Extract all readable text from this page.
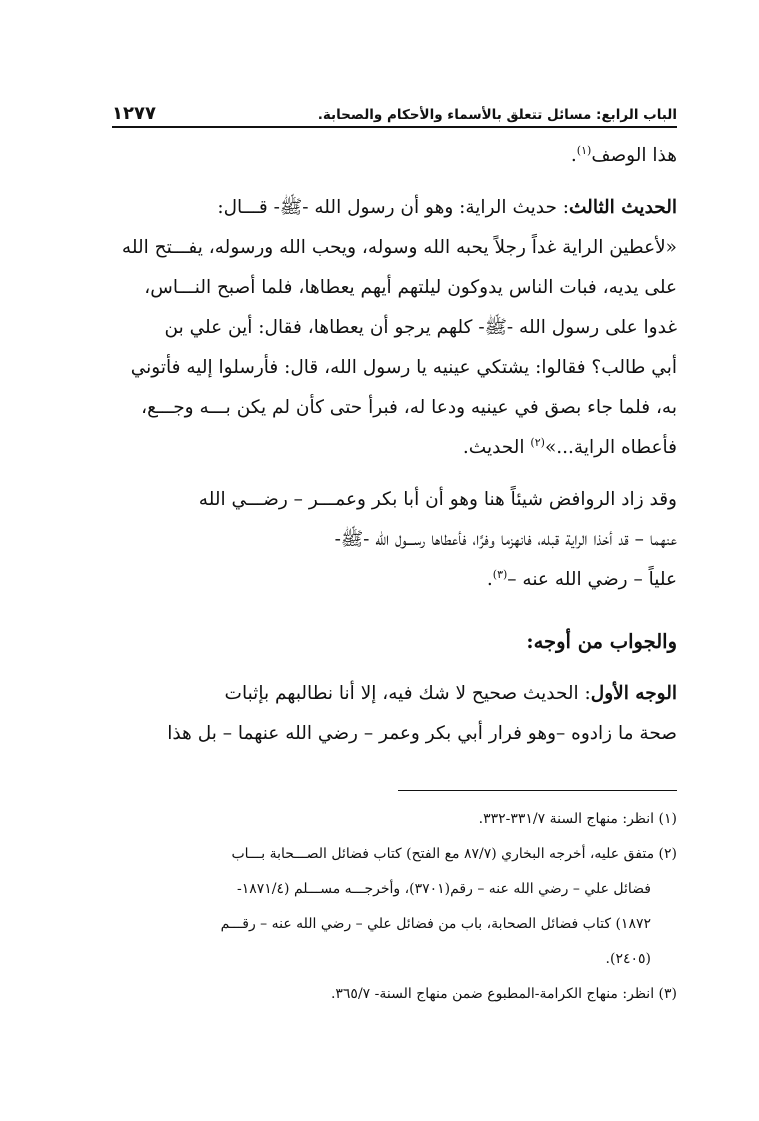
الباب الرابع: مسائل تتعلق بالأسماء والأحكام والصحابة.
١٢٧٧

هذا الوصف$^{(١)}$.

الحديث الثالث: حديث الراية: وهو أن رسول الله -ﷺ- قـــال:

«لأعطين الراية غداً رجلاً يحبه الله وسوله، ويحب الله ورسوله، يفـــتح الله

على يديه، فبات الناس يدوكون ليلتهم أيهم يعطاها، فلما أصبح النـــاس،

غدوا على رسول الله -ﷺ- كلهم يرجو أن يعطاها، فقال: أين علي بن

أبي طالب؟ فقالوا: يشتكي عينيه يا رسول الله، قال: فأرسلوا إليه فأتوني

به، فلما جاء بصق في عينيه ودعا له، فبرأ حتى كأن لم يكن بـــه وجـــع،

فأعطاه الراية...»$^{(٢)}$ الحديث.

وقد زاد الروافض شيئاً هنا وهو أن أبا بكر وعمـــر – رضـــي الله

عنهما – قد أخذا الراية قبله، فانهزما وفرَّا، فأعطاها رســـول الله -ﷺ-

علياً – رضي الله عنه –$^{(٣)}$.

والجواب من أوجه:

الوجه الأول: الحديث صحيح لا شك فيه، إلا أنا نطالبهم بإثبات

صحة ما زادوه –وهو فرار أبي بكر وعمر – رضي الله عنهما – بل هذا

(١) انظر: منهاج السنة ٣٣١/٧-٣٣٢.

(٢) متفق عليه، أخرجه البخاري (٨٧/٧ مع الفتح) كتاب فضائل الصـــحابة بـــاب

فضائل علي – رضي الله عنه – رقم(٣٧٠١)، وأخرجـــه مســـلم (١٨٧١/٤-

١٨٧٢) كتاب فضائل الصحابة، باب من فضائل علي – رضي الله عنه – رقـــم

(٢٤٠٥).

(٣) انظر: منهاج الكرامة-المطبوع ضمن منهاج السنة- ٣٦٥/٧.
